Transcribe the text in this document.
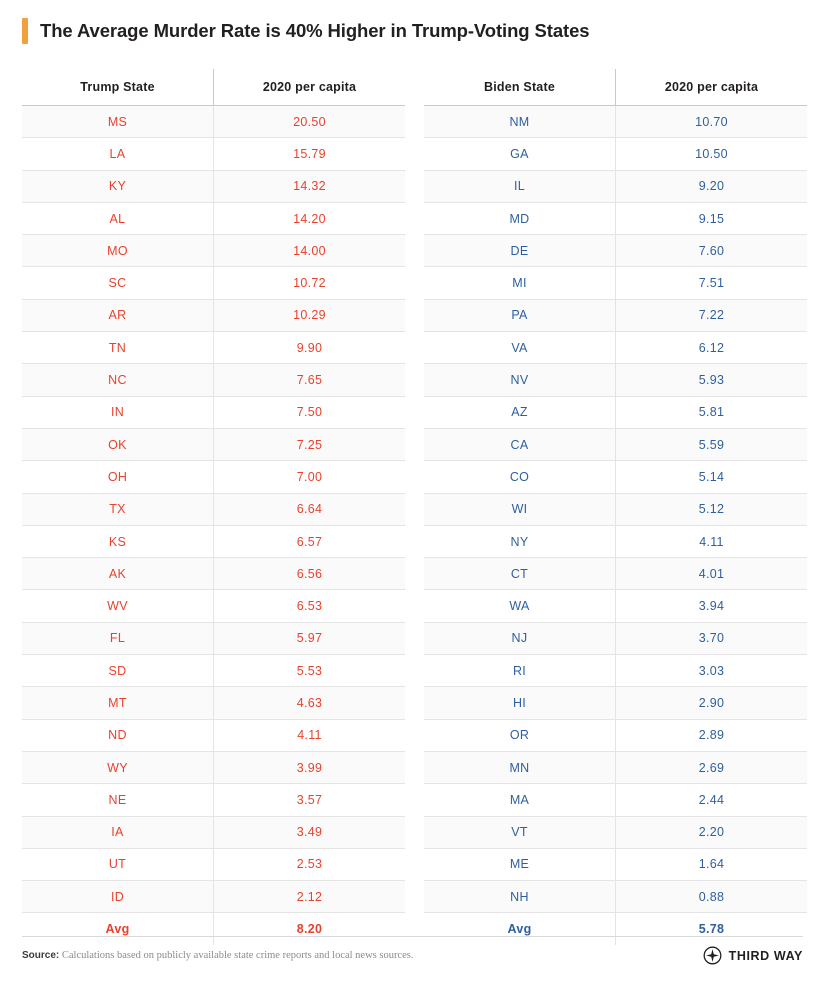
The Average Murder Rate is 40% Higher in Trump-Voting States
Trump State	2020 per capita
MS	20.50
LA	15.79
KY	14.32
AL	14.20
MO	14.00
SC	10.72
AR	10.29
TN	9.90
NC	7.65
IN	7.50
OK	7.25
OH	7.00
TX	6.64
KS	6.57
AK	6.56
WV	6.53
FL	5.97
SD	5.53
MT	4.63
ND	4.11
WY	3.99
NE	3.57
IA	3.49
UT	2.53
ID	2.12
Avg	8.20
Biden State	2020 per capita
NM	10.70
GA	10.50
IL	9.20
MD	9.15
DE	7.60
MI	7.51
PA	7.22
VA	6.12
NV	5.93
AZ	5.81
CA	5.59
CO	5.14
WI	5.12
NY	4.11
CT	4.01
WA	3.94
NJ	3.70
RI	3.03
HI	2.90
OR	2.89
MN	2.69
MA	2.44
VT	2.20
ME	1.64
NH	0.88
Avg	5.78
Source: Calculations based on publicly available state crime reports and local news sources.	THIRD WAY
